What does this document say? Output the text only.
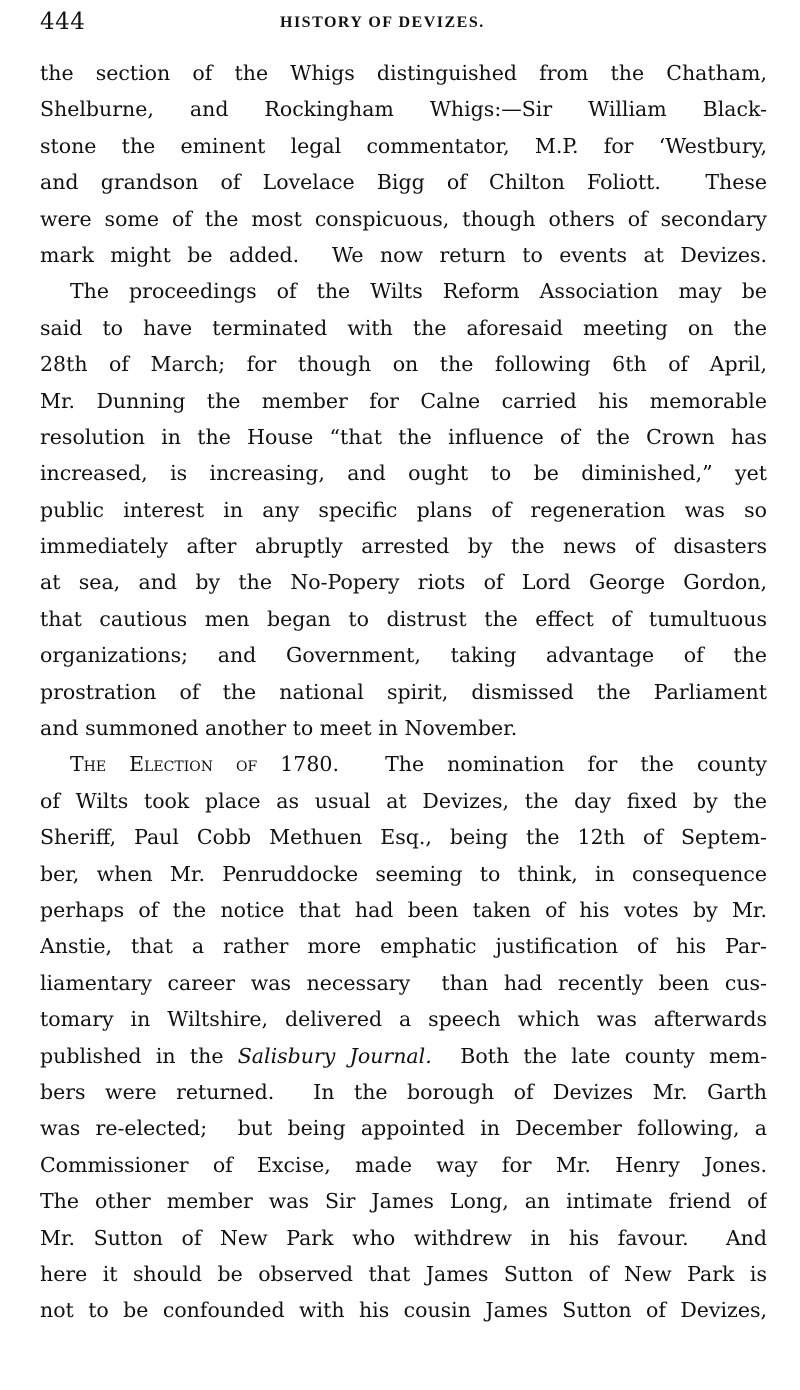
444	HISTORY OF DEVIZES.
the section of the Whigs distinguished from the Chatham,
Shelburne, and Rockingham Whigs:—Sir William Black-
stone the eminent legal commentator, M.P. for ‘Westbury,
and grandson of Lovelace Bigg of Chilton Foliott.  These
were some of the most conspicuous, though others of secondary
mark might be added.  We now return to events at Devizes.
The proceedings of the Wilts Reform Association may be
said to have terminated with the aforesaid meeting on the
28th of March; for though on the following 6th of April,
Mr. Dunning the member for Calne carried his memorable
resolution in the House “that the influence of the Crown has
increased, is increasing, and ought to be diminished,” yet
public interest in any specific plans of regeneration was so
immediately after abruptly arrested by the news of disasters
at sea, and by the No-Popery riots of Lord George Gordon,
that cautious men began to distrust the effect of tumultuous
organizations; and Government, taking advantage of the
prostration of the national spirit, dismissed the Parliament
and summoned another to meet in November.
The Election of 1780.  The nomination for the county
of Wilts took place as usual at Devizes, the day fixed by the
Sheriff, Paul Cobb Methuen Esq., being the 12th of Septem-
ber, when Mr. Penruddocke seeming to think, in consequence
perhaps of the notice that had been taken of his votes by Mr.
Anstie, that a rather more emphatic justification of his Par-
liamentary career was necessary  than had recently been cus-
tomary in Wiltshire, delivered a speech which was afterwards
published in the Salisbury Journal.  Both the late county mem-
bers were returned.  In the borough of Devizes Mr. Garth
was re-elected;  but being appointed in December following, a
Commissioner of Excise, made way for Mr. Henry Jones.
The other member was Sir James Long, an intimate friend of
Mr. Sutton of New Park who withdrew in his favour.  And
here it should be observed that James Sutton of New Park is
not to be confounded with his cousin James Sutton of Devizes,
